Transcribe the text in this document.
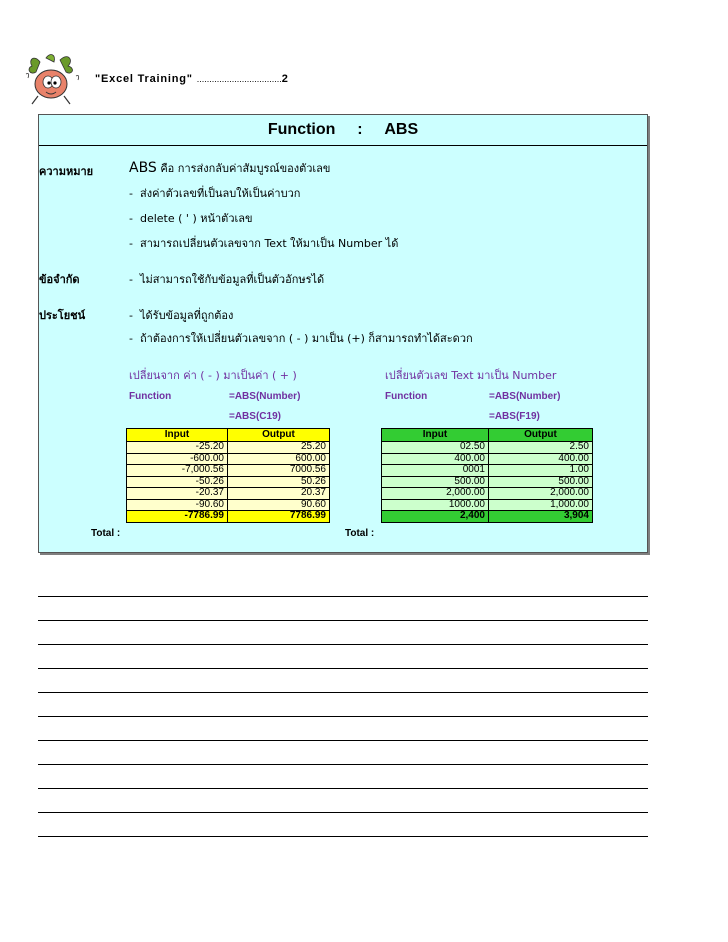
"Excel Training" ..................................2
Function : ABS
ความหมาย	ABS คือ การส่งกลับค่าสัมบูรณ์ของตัวเลข
- ส่งค่าตัวเลขที่เป็นลบให้เป็นค่าบวก
- delete ( ' ) หน้าตัวเลข
- สามารถเปลี่ยนตัวเลขจาก Text ให้มาเป็น Number ได้
ข้อจำกัด	- ไม่สามารถใช้กับข้อมูลที่เป็นตัวอักษรได้
ประโยชน์	- ได้รับข้อมูลที่ถูกต้อง
- ถ้าต้องการให้เปลี่ยนตัวเลขจาก ( - ) มาเป็น (+) ก็สามารถทำได้สะดวก
เปลี่ยนจาก ค่า ( - ) มาเป็นค่า ( + )
Function	=ABS(Number)
=ABS(C19)
Input	Output
-25.20	25.20
-600.00	600.00
-7,000.56	7000.56
-50.26	50.26
-20.37	20.37
-90.60	90.60
-7786.99	7786.99
Total :
เปลี่ยนตัวเลข Text มาเป็น Number
Function	=ABS(Number)
=ABS(F19)
Input	Output
02.50	2.50
400.00	400.00
0001	1.00
500.00	500.00
2,000.00	2,000.00
1000.00	1,000.00
2,400	3,904
Total :
